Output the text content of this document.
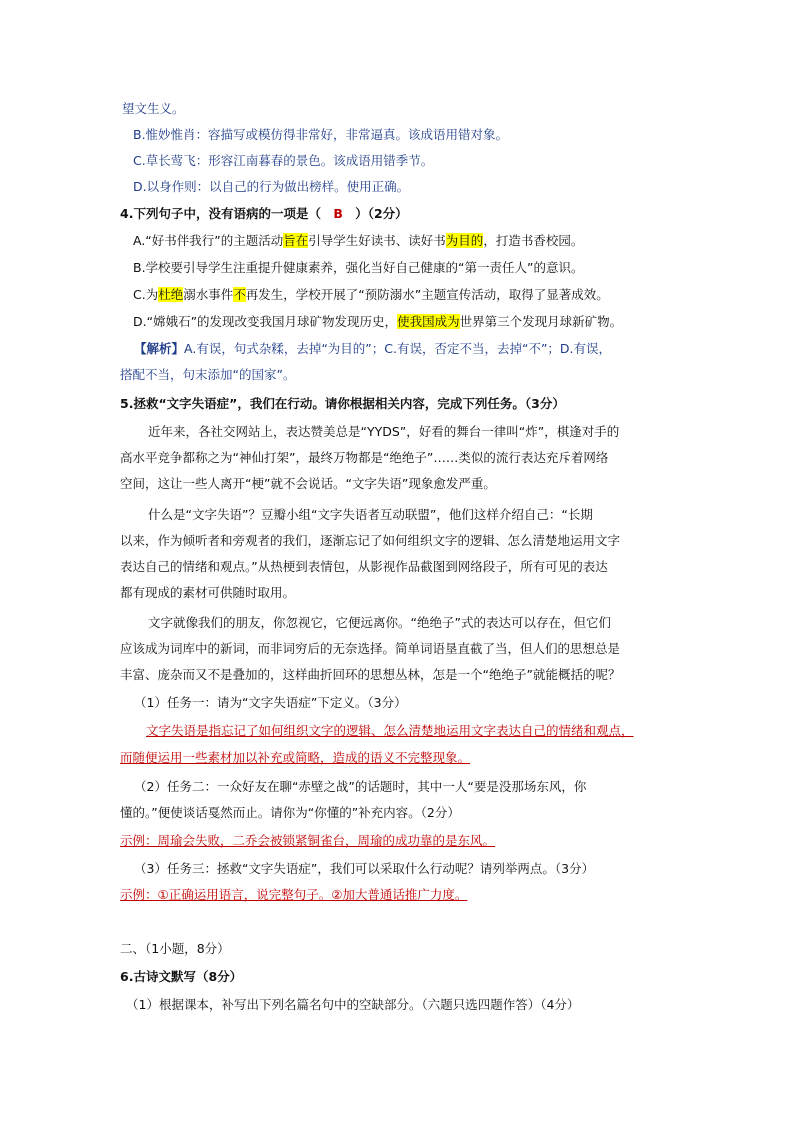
望文生义。
B.惟妙惟肖：容描写或模仿得非常好，非常逼真。该成语用错对象。
C.草长莺飞：形容江南暮春的景色。该成语用错季节。
D.以身作则：以自己的行为做出榜样。使用正确。
4.下列句子中，没有语病的一项是（ B ）（2分）
A.“好书伴我行”的主题活动旨在引导学生好读书、读好书为目的，打造书香校园。
B.学校要引导学生注重提升健康素养，强化当好自己健康的“第一责任人”的意识。
C.为杜绝溺水事件不再发生，学校开展了“预防溺水”主题宣传活动，取得了显著成效。
D.“嫦娥石”的发现改变我国月球矿物发现历史，使我国成为世界第三个发现月球新矿物。
【解析】A.有误，句式杂糅，去掉“为目的”；C.有误，否定不当，去掉“不”；D.有误，
搭配不当，句末添加“的国家”。
5.拯救“文字失语症”，我们在行动。请你根据相关内容，完成下列任务。（3分）
近年来，各社交网站上，表达赞美总是“YYDS”，好看的舞台一律叫“炸”，棋逢对手的
高水平竞争都称之为“神仙打架”，最终万物都是“绝绝子”……类似的流行表达充斥着网络
空间，这让一些人离开“梗”就不会说话。“文字失语”现象愈发严重。
什么是“文字失语”？豆瓣小组“文字失语者互动联盟”，他们这样介绍自己：“长期
以来，作为倾听者和旁观者的我们，逐渐忘记了如何组织文字的逻辑、怎么清楚地运用文字
表达自己的情绪和观点。”从热梗到表情包，从影视作品截图到网络段子，所有可见的表达
都有现成的素材可供随时取用。
文字就像我们的朋友，你忽视它，它便远离你。“绝绝子”式的表达可以存在，但它们
应该成为词库中的新词，而非词穷后的无奈选择。简单词语垦直截了当，但人们的思想总是
丰富、庞杂而又不是叠加的，这样曲折回环的思想丛林，怎是一个“绝绝子”就能概括的呢？
（1）任务一：请为“文字失语症”下定义。（3分）
文字失语是指忘记了如何组织文字的逻辑、怎么清楚地运用文字表达自己的情绪和观点，
而随便运用一些素材加以补充或简略，造成的语义不完整现象。
（2）任务二：一众好友在聊“赤壁之战”的话题时，其中一人“要是没那场东风，你
懂的。”便使谈话戛然而止。请你为“你懂的”补充内容。（2分）
示例：周瑜会失败，二乔会被锁紧铜雀台，周瑜的成功靠的是东风。
（3）任务三：拯救“文字失语症”，我们可以采取什么行动呢？请列举两点。（3分）
示例：①正确运用语言，说完整句子。②加大普通话推广力度。
二、（1小题，8分）
6.古诗文默写（8分）
（1）根据课本，补写出下列名篇名句中的空缺部分。（六题只选四题作答）（4分）
